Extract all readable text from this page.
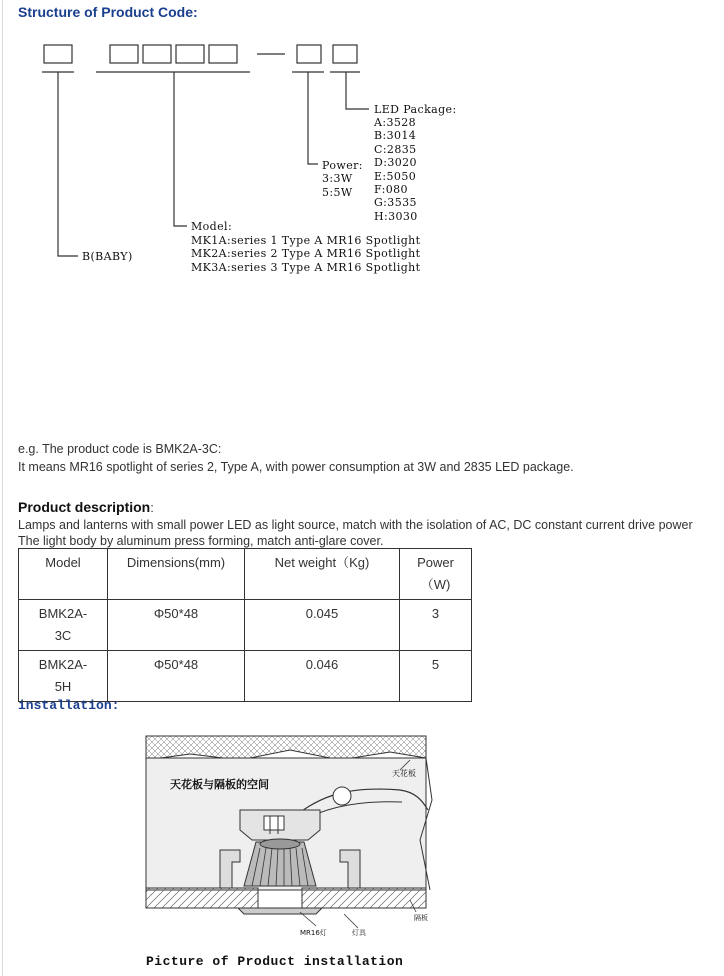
Structure of Product Code:
LED Package:
A:3528
B:3014
C:2835
D:3020
E:5050
F:080
G:3535
H:3030
Power:
3:3W
5:5W
Model:
MK1A:series 1 Type A MR16 Spotlight
MK2A:series 2 Type A MR16 Spotlight
MK3A:series 3 Type A MR16 Spotlight
B(BABY)
e.g. The product code is BMK2A-3C:
It means MR16 spotlight of series 2, Type A, with power consumption at 3W and 2835 LED package.
Product description:
Lamps and lanterns with small power LED as light source, match with the isolation of AC, DC constant current drive power
The light body by aluminum press forming, match anti-glare cover.
Model	Dimensions(mm)	Net weight（Kg)	Power（W)
BMK2A-3C	Φ50*48	0.045	3
BMK2A-5H	Φ50*48	0.046	5
installation:
天花板
天花板与隔板的空间
MR16灯	灯具
隔板
Picture of Product installation
